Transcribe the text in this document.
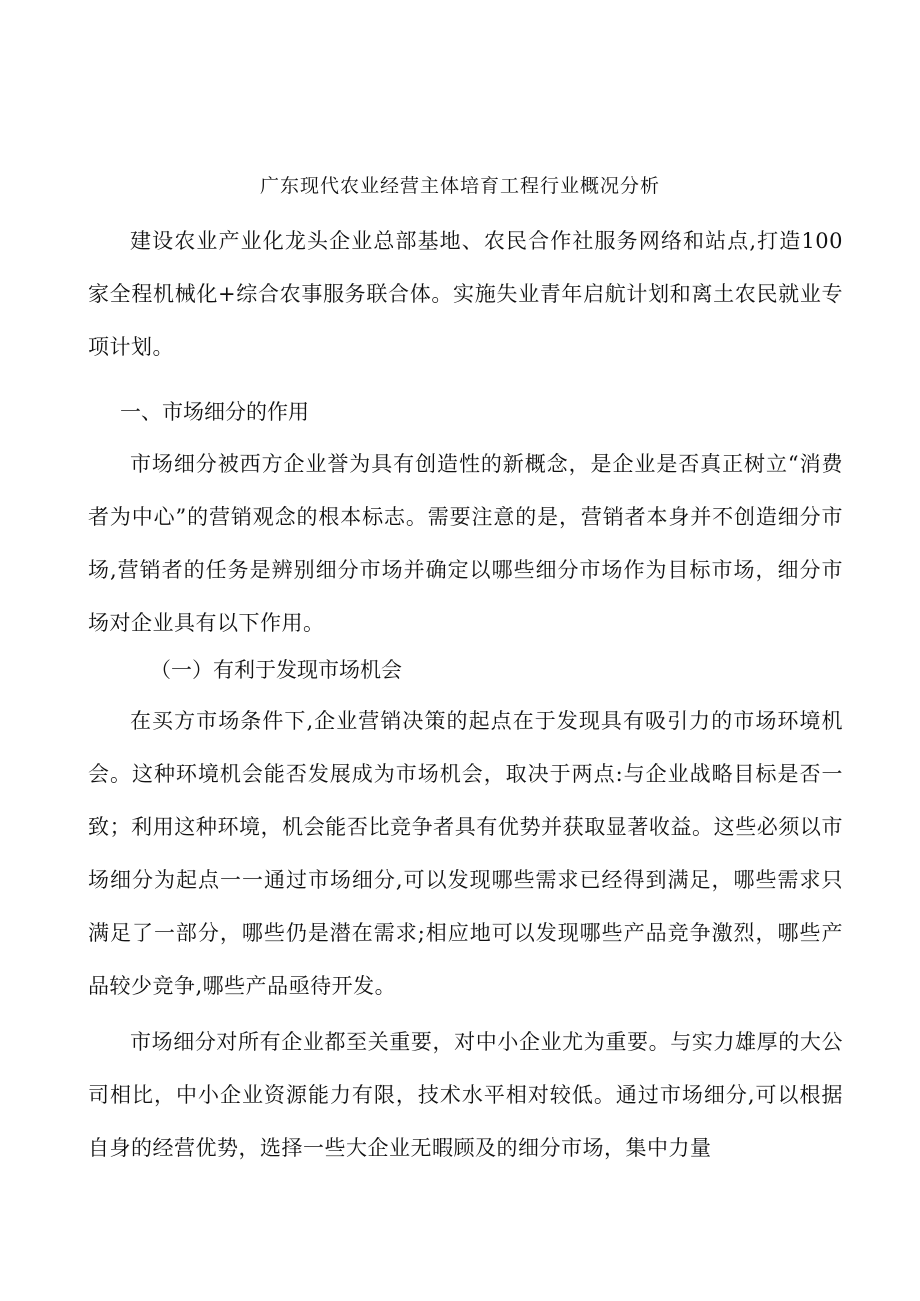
广东现代农业经营主体培育工程行业概况分析

建设农业产业化龙头企业总部基地、农民合作社服务网络和站点,打造100家全程机械化+综合农事服务联合体。实施失业青年启航计划和离土农民就业专项计划。

一、市场细分的作用

市场细分被西方企业誉为具有创造性的新概念，是企业是否真正树立“消费者为中心”的营销观念的根本标志。需要注意的是，营销者本身并不创造细分市场,营销者的任务是辨别细分市场并确定以哪些细分市场作为目标市场，细分市场对企业具有以下作用。

（一）有利于发现市场机会

在买方市场条件下,企业营销决策的起点在于发现具有吸引力的市场环境机会。这种环境机会能否发展成为市场机会，取决于两点:与企业战略目标是否一致；利用这种环境，机会能否比竞争者具有优势并获取显著收益。这些必须以市场细分为起点一一通过市场细分,可以发现哪些需求已经得到满足，哪些需求只满足了一部分，哪些仍是潜在需求;相应地可以发现哪些产品竞争激烈，哪些产品较少竞争,哪些产品亟待开发。

市场细分对所有企业都至关重要，对中小企业尤为重要。与实力雄厚的大公司相比，中小企业资源能力有限，技术水平相对较低。通过市场细分,可以根据自身的经营优势，选择一些大企业无暇顾及的细分市场，集中力量
